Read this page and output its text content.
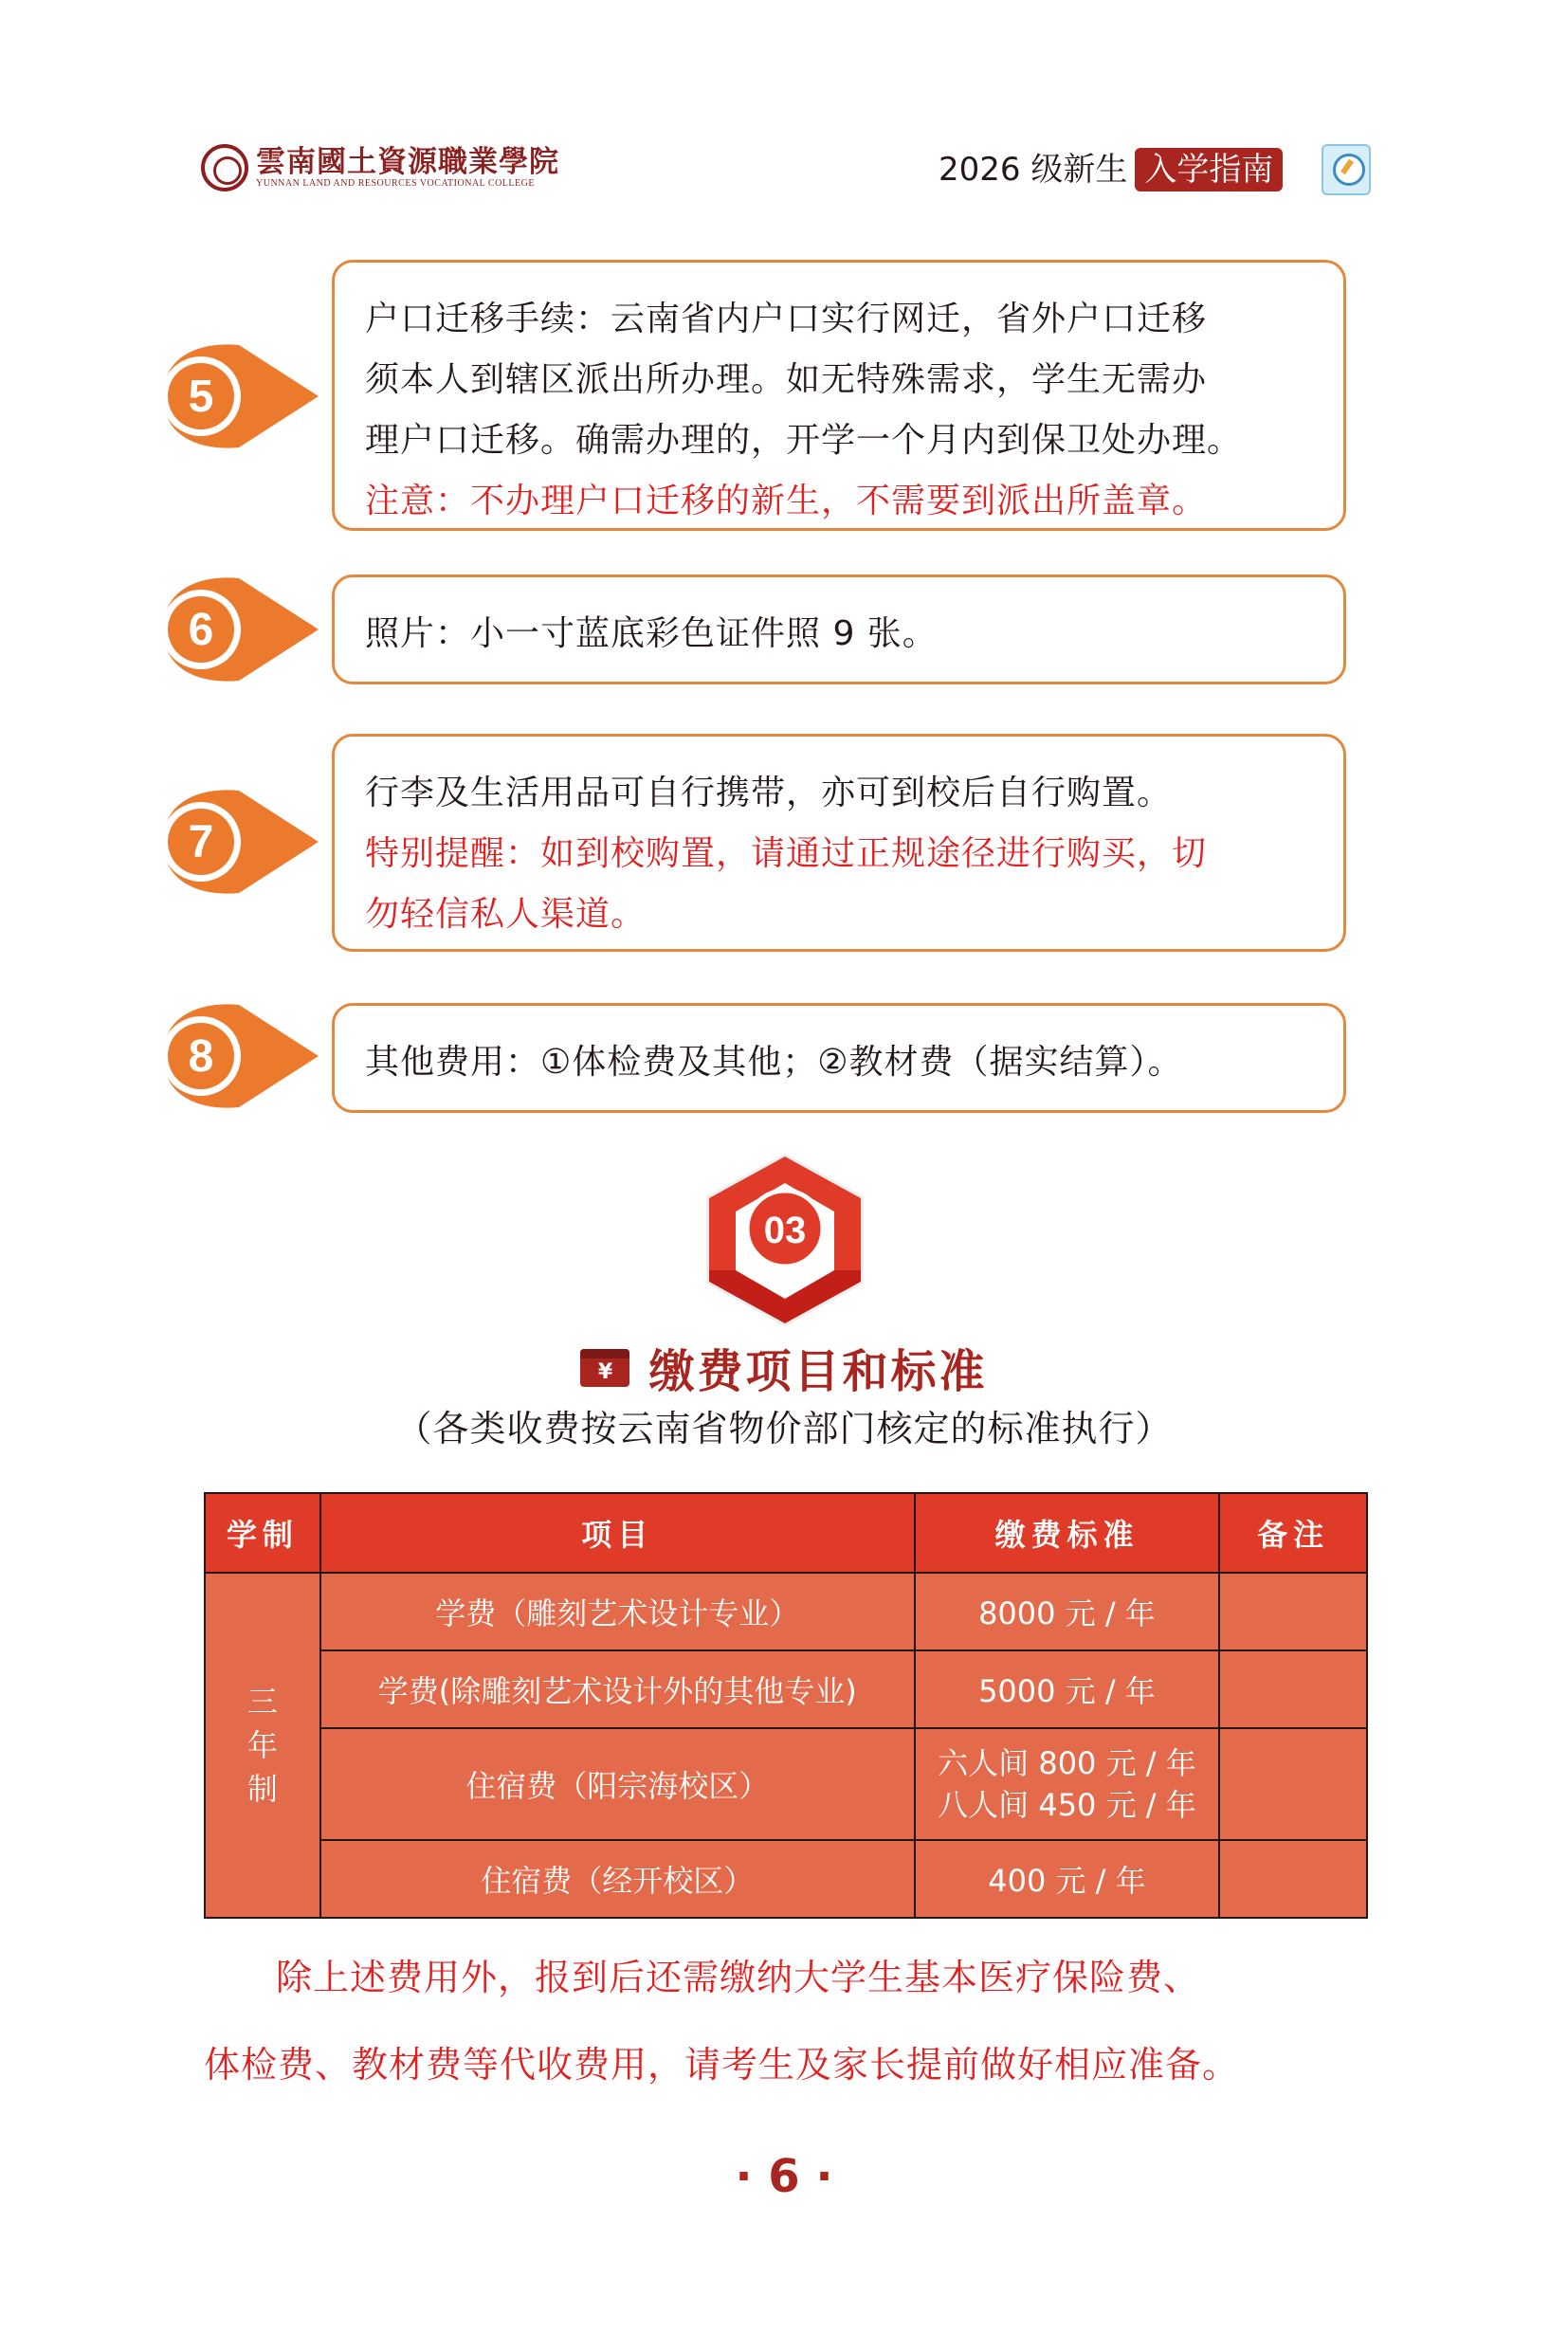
雲南國土資源職業學院
YUNNAN LAND AND RESOURCES VOCATIONAL COLLEGE	2026 级新生 入学指南
5
户口迁移手续：云南省内户口实行网迁，省外户口迁移
须本人到辖区派出所办理。如无特殊需求，学生无需办
理户口迁移。确需办理的，开学一个月内到保卫处办理。
注意：不办理户口迁移的新生，不需要到派出所盖章。
6	照片：小一寸蓝底彩色证件照 9 张。
7
行李及生活用品可自行携带，亦可到校后自行购置。
特别提醒：如到校购置，请通过正规途径进行购买，切
勿轻信私人渠道。
8	其他费用：①体检费及其他；②教材费（据实结算）。
03
¥ 缴费项目和标准
（各类收费按云南省物价部门核定的标准执行）
学制	项目	缴费标准	备注
三
年
制	学费（雕刻艺术设计专业）	8000 元 / 年	
	学费(除雕刻艺术设计外的其他专业)	5000 元 / 年	
	住宿费（阳宗海校区）	六人间 800 元 / 年
八人间 450 元 / 年	

	住宿费（经开校区）	400 元 / 年	
除上述费用外，报到后还需缴纳大学生基本医疗保险费、
体检费、教材费等代收费用，请考生及家长提前做好相应准备。
· 6 ·
